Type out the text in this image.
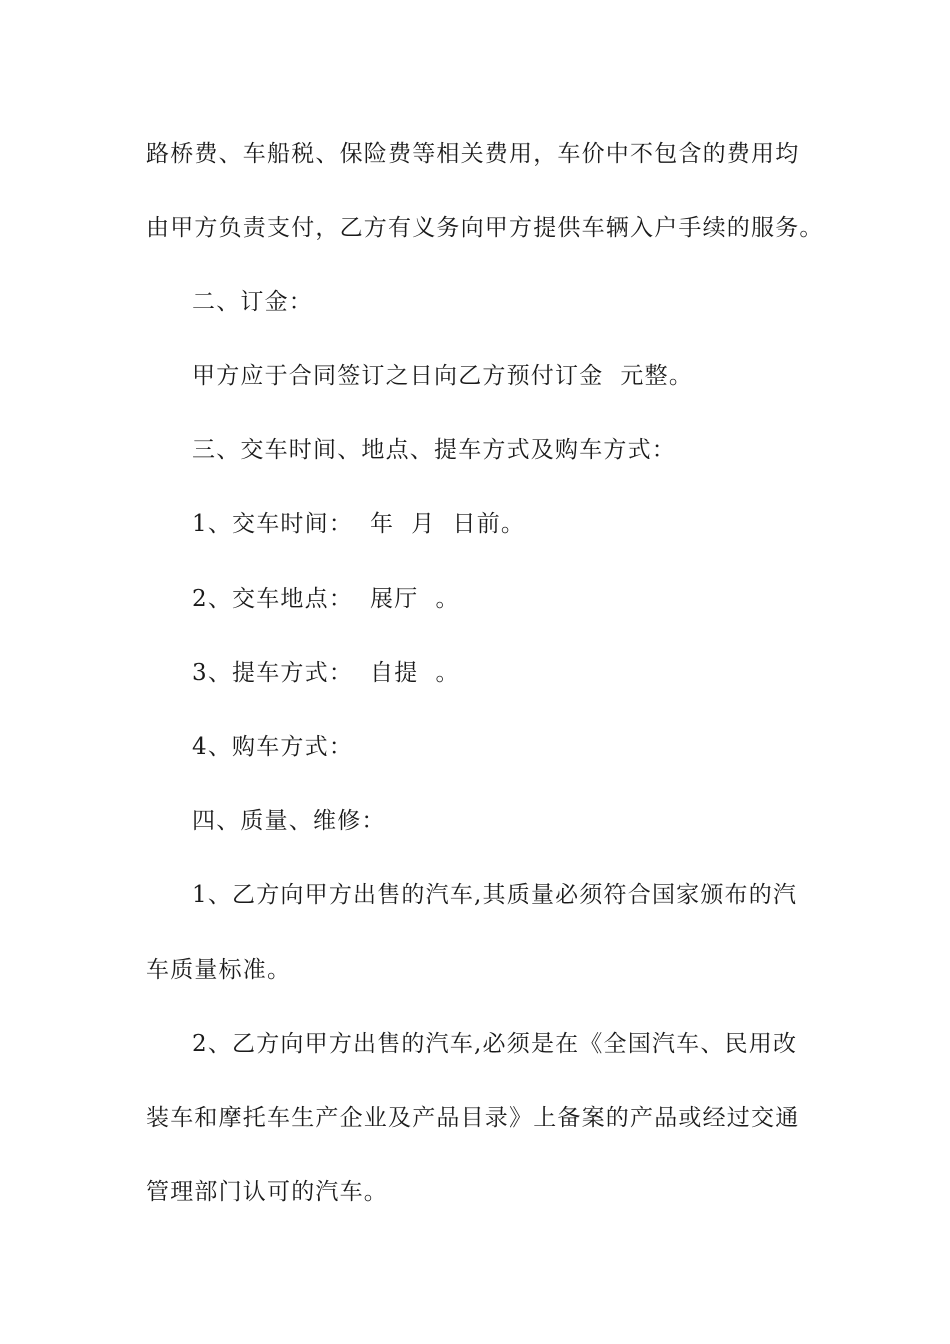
路桥费、车船税、保险费等相关费用，车价中不包含的费用均
由甲方负责支付，乙方有义务向甲方提供车辆入户手续的服务。
二、订金：
甲方应于合同签订之日向乙方预付订金  元整。
三、交车时间、地点、提车方式及购车方式：
1、交车时间：  年  月  日前。
2、交车地点：  展厅  。
3、提车方式：  自提  。
4、购车方式：
四、质量、维修：
1、乙方向甲方出售的汽车,其质量必须符合国家颁布的汽
车质量标准。
2、乙方向甲方出售的汽车,必须是在《全国汽车、民用改
装车和摩托车生产企业及产品目录》上备案的产品或经过交通
管理部门认可的汽车。
